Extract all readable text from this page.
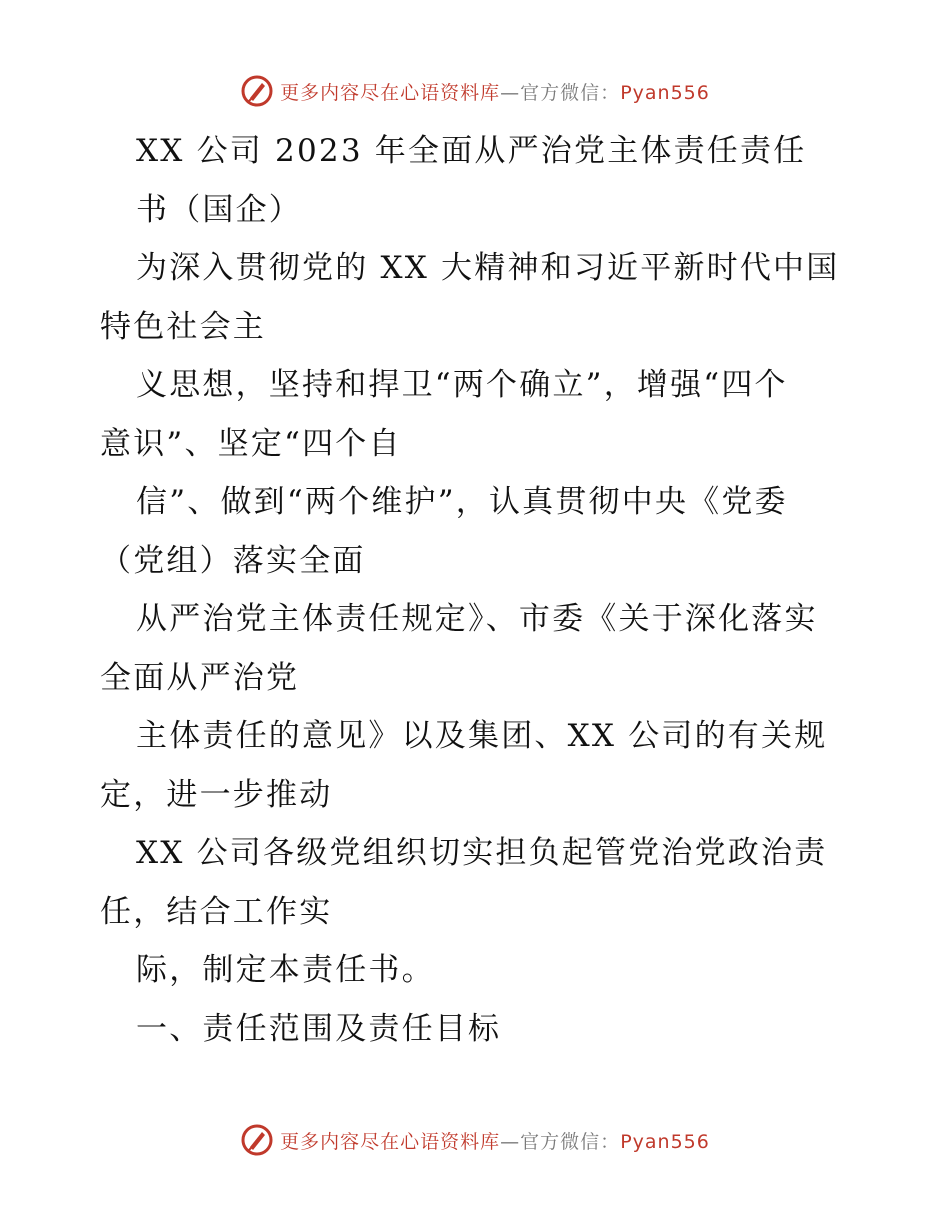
更多内容尽在心语资料库—官方微信：Pyan556
XX 公司 2023 年全面从严治党主体责任责任
书（国企）
为深入贯彻党的 XX 大精神和习近平新时代中国
特色社会主
义思想，坚持和捍卫“两个确立”，增强“四个
意识”、坚定“四个自
信”、做到“两个维护”，认真贯彻中央《党委
（党组）落实全面
从严治党主体责任规定》、市委《关于深化落实
全面从严治党
主体责任的意见》以及集团、XX 公司的有关规
定，进一步推动
XX 公司各级党组织切实担负起管党治党政治责
任，结合工作实
际，制定本责任书。
一、责任范围及责任目标
更多内容尽在心语资料库—官方微信：Pyan556
